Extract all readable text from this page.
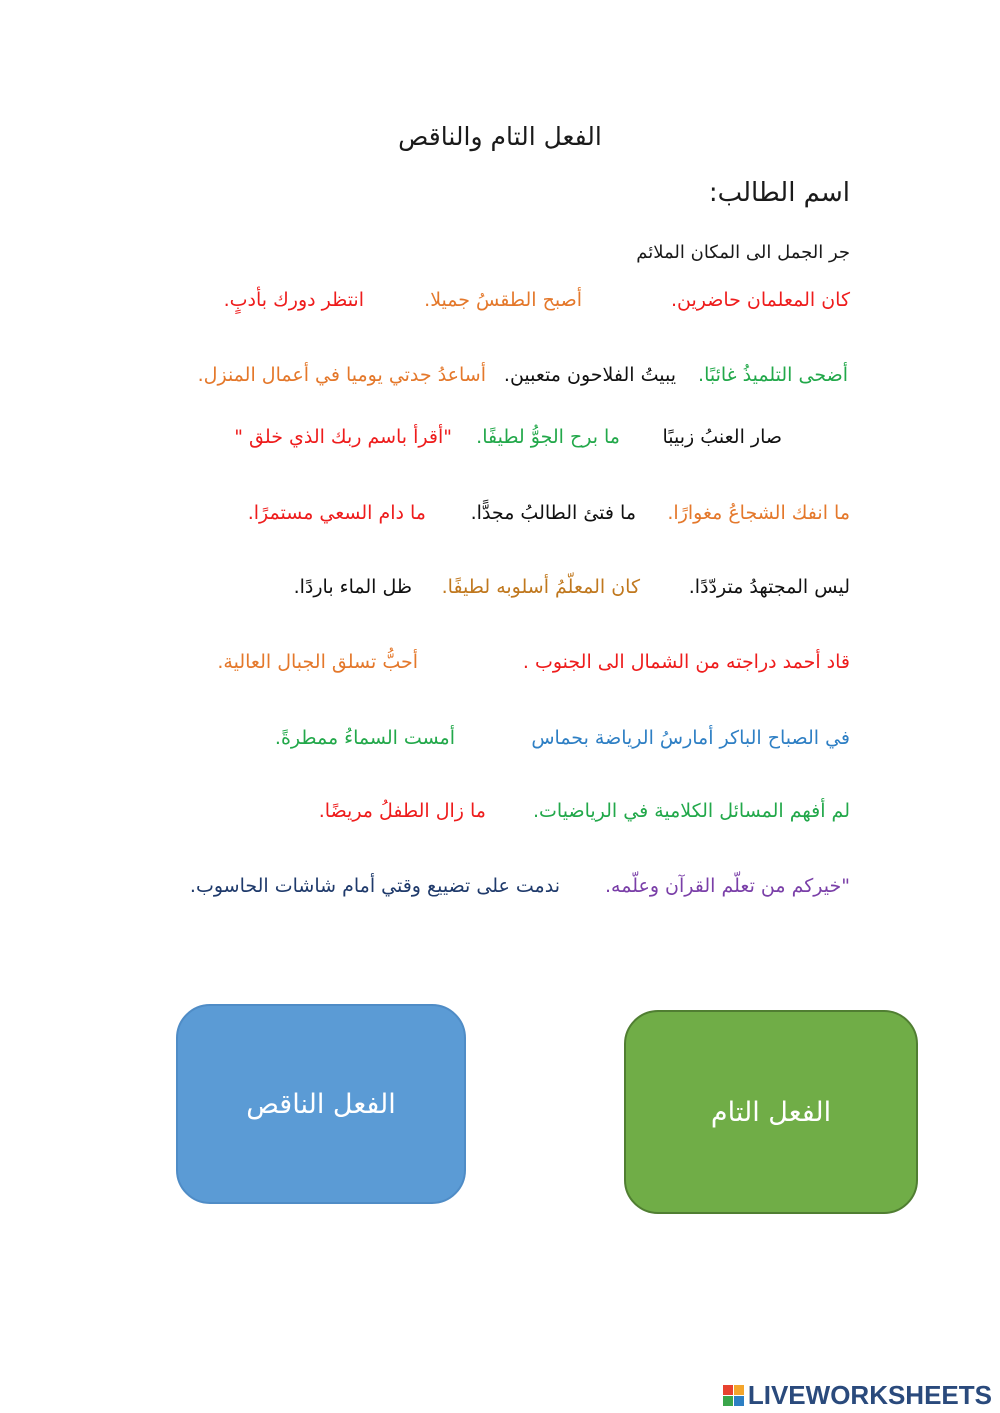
الفعل التام والناقص
اسم الطالب:
جر الجمل الى المكان الملائم
كان المعلمان حاضرين.
أصبح الطقسُ جميلا.
انتظر دورك بأدبٍ.
أضحى التلميذُ غائبًا.
يبيتُ الفلاحون متعبين.
أساعدُ جدتي يوميا في أعمال المنزل.
صار العنبُ زبيبًا
ما برح الجوُّ لطيفًا.
"أقرأ باسم ربك الذي خلق "
ما انفك الشجاعُ مغوارًا.
ما فتئ الطالبُ مجدًّا.
ما دام السعي مستمرًا.
ليس المجتهدُ متردّدًا.
كان المعلّمُ أسلوبه لطيفًا.
ظل الماء باردًا.
قاد أحمد دراجته من الشمال الى الجنوب .
أحبُّ تسلق الجبال العالية.
في الصباح الباكر أمارسُ الرياضة بحماس
أمست السماءُ ممطرةً.
لم أفهم المسائل الكلامية في الرياضيات.
ما زال الطفلُ مريضًا.
"خيركم من تعلّم القرآن وعلّمه.
ندمت على تضييع وقتي أمام شاشات الحاسوب.
الفعل الناقص	الفعل التام
LIVEWORKSHEETS
